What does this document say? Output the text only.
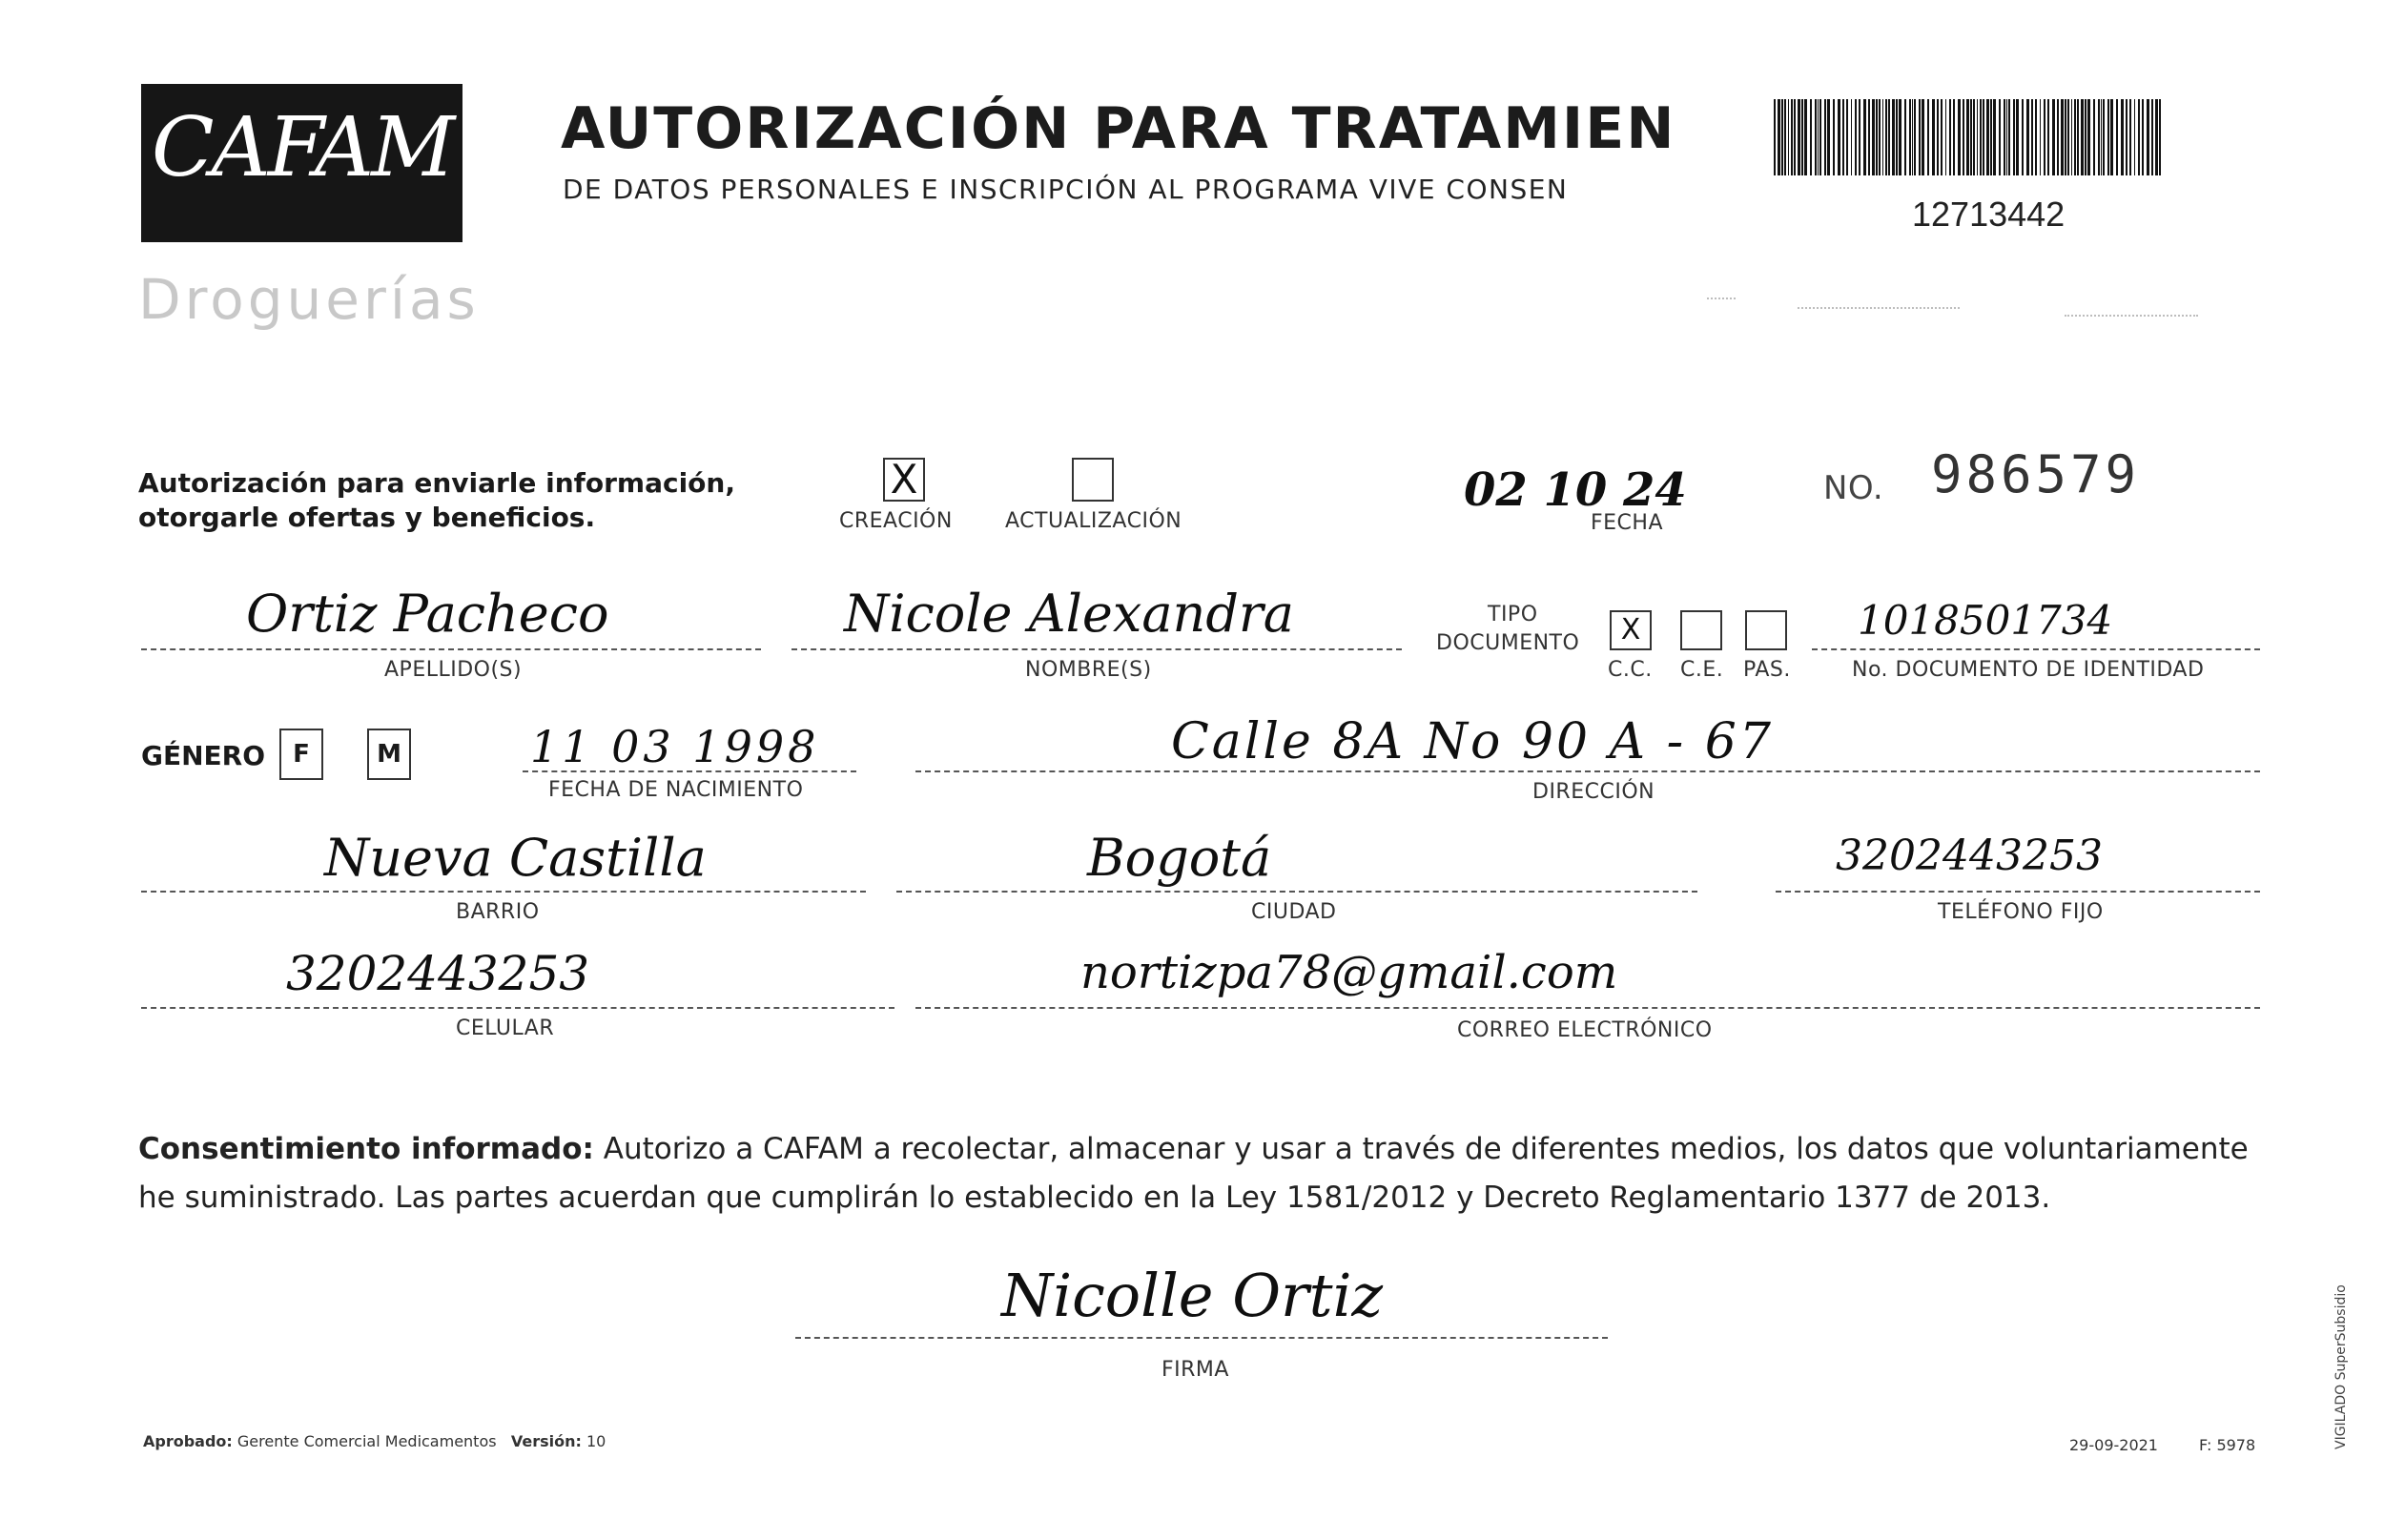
CAFAM
Droguerías
AUTORIZACIÓN PARA TRATAMIEN
DE DATOS PERSONALES E INSCRIPCIÓN AL PROGRAMA VIVE CONSEN
12713442
Autorización para enviarle información,
otorgarle ofertas y beneficios.
X
CREACIÓN	ACTUALIZACIÓN
02 10 24
FECHA
NO. 986579
Ortiz Pacheco
APELLIDO(S)
Nicole Alexandra
NOMBRE(S)
TIPO
DOCUMENTO	X
C.C. C.E. PAS.
1018501734
No. DOCUMENTO DE IDENTIDAD
GÉNERO	F	M	11 03 1998
FECHA DE NACIMIENTO
Calle 8A No 90 A - 67
DIRECCIÓN
Nueva Castilla
BARRIO
Bogotá
CIUDAD
3202443253
TELÉFONO FIJO
3202443253
CELULAR
nortizpa78@gmail.com
CORREO ELECTRÓNICO
Consentimiento informado: Autorizo a CAFAM a recolectar, almacenar y usar a través de diferentes medios, los datos que voluntariamente he suministrado. Las partes acuerdan que cumplirán lo establecido en la Ley 1581/2012 y Decreto Reglamentario 1377 de 2013.
Nicolle Ortiz
FIRMA
Aprobado: Gerente Comercial Medicamentos Versión: 10	29-09-2021	F: 5978	VIGILADO SuperSubsidio
